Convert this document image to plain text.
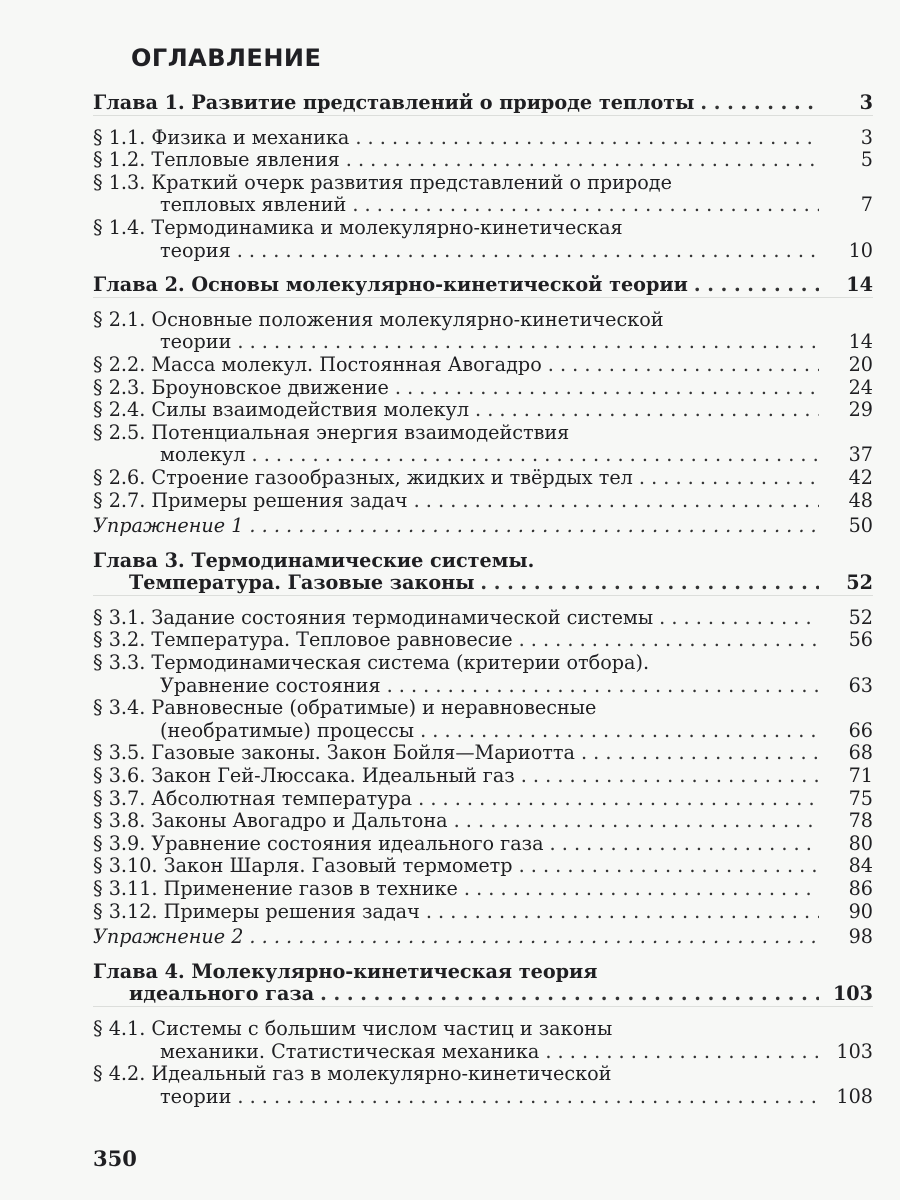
ОГЛАВЛЕНИЕ
Глава 1. Развитие представлений о природе теплоты . . .	3
§ 1.1. Физика и механика . . .	3
§ 1.2. Тепловые явления . . .	5
§ 1.3. Краткий очерк развития представлений о природе
тепловых явлений . . .	7
§ 1.4. Термодинамика и молекулярно-кинетическая
теория . . .	10
Глава 2. Основы молекулярно-кинетической теории . . .	14
§ 2.1. Основные положения молекулярно-кинетической
теории . . .	14
§ 2.2. Масса молекул. Постоянная Авогадро . . .	20
§ 2.3. Броуновское движение . . .	24
§ 2.4. Силы взаимодействия молекул . . .	29
§ 2.5. Потенциальная энергия взаимодействия
молекул . . .	37
§ 2.6. Строение газообразных, жидких и твёрдых тел . . .	42
§ 2.7. Примеры решения задач . . .	48
Упражнение 1 . . .	50
Глава 3. Термодинамические системы.
Температура. Газовые законы . . .	52
§ 3.1. Задание состояния термодинамической системы . . .	52
§ 3.2. Температура. Тепловое равновесие . . .	56
§ 3.3. Термодинамическая система (критерии отбора).
Уравнение состояния . . .	63
§ 3.4. Равновесные (обратимые) и неравновесные
(необратимые) процессы . . .	66
§ 3.5. Газовые законы. Закон Бойля—Мариотта . . .	68
§ 3.6. Закон Гей-Люссака. Идеальный газ . . .	71
§ 3.7. Абсолютная температура . . .	75
§ 3.8. Законы Авогадро и Дальтона . . .	78
§ 3.9. Уравнение состояния идеального газа . . .	80
§ 3.10. Закон Шарля. Газовый термометр . . .	84
§ 3.11. Применение газов в технике . . .	86
§ 3.12. Примеры решения задач . . .	90
Упражнение 2 . . .	98
Глава 4. Молекулярно-кинетическая теория
идеального газа . . .	103
§ 4.1. Системы с большим числом частиц и законы
механики. Статистическая механика . . .	103
§ 4.2. Идеальный газ в молекулярно-кинетической
теории . . .	108
350
